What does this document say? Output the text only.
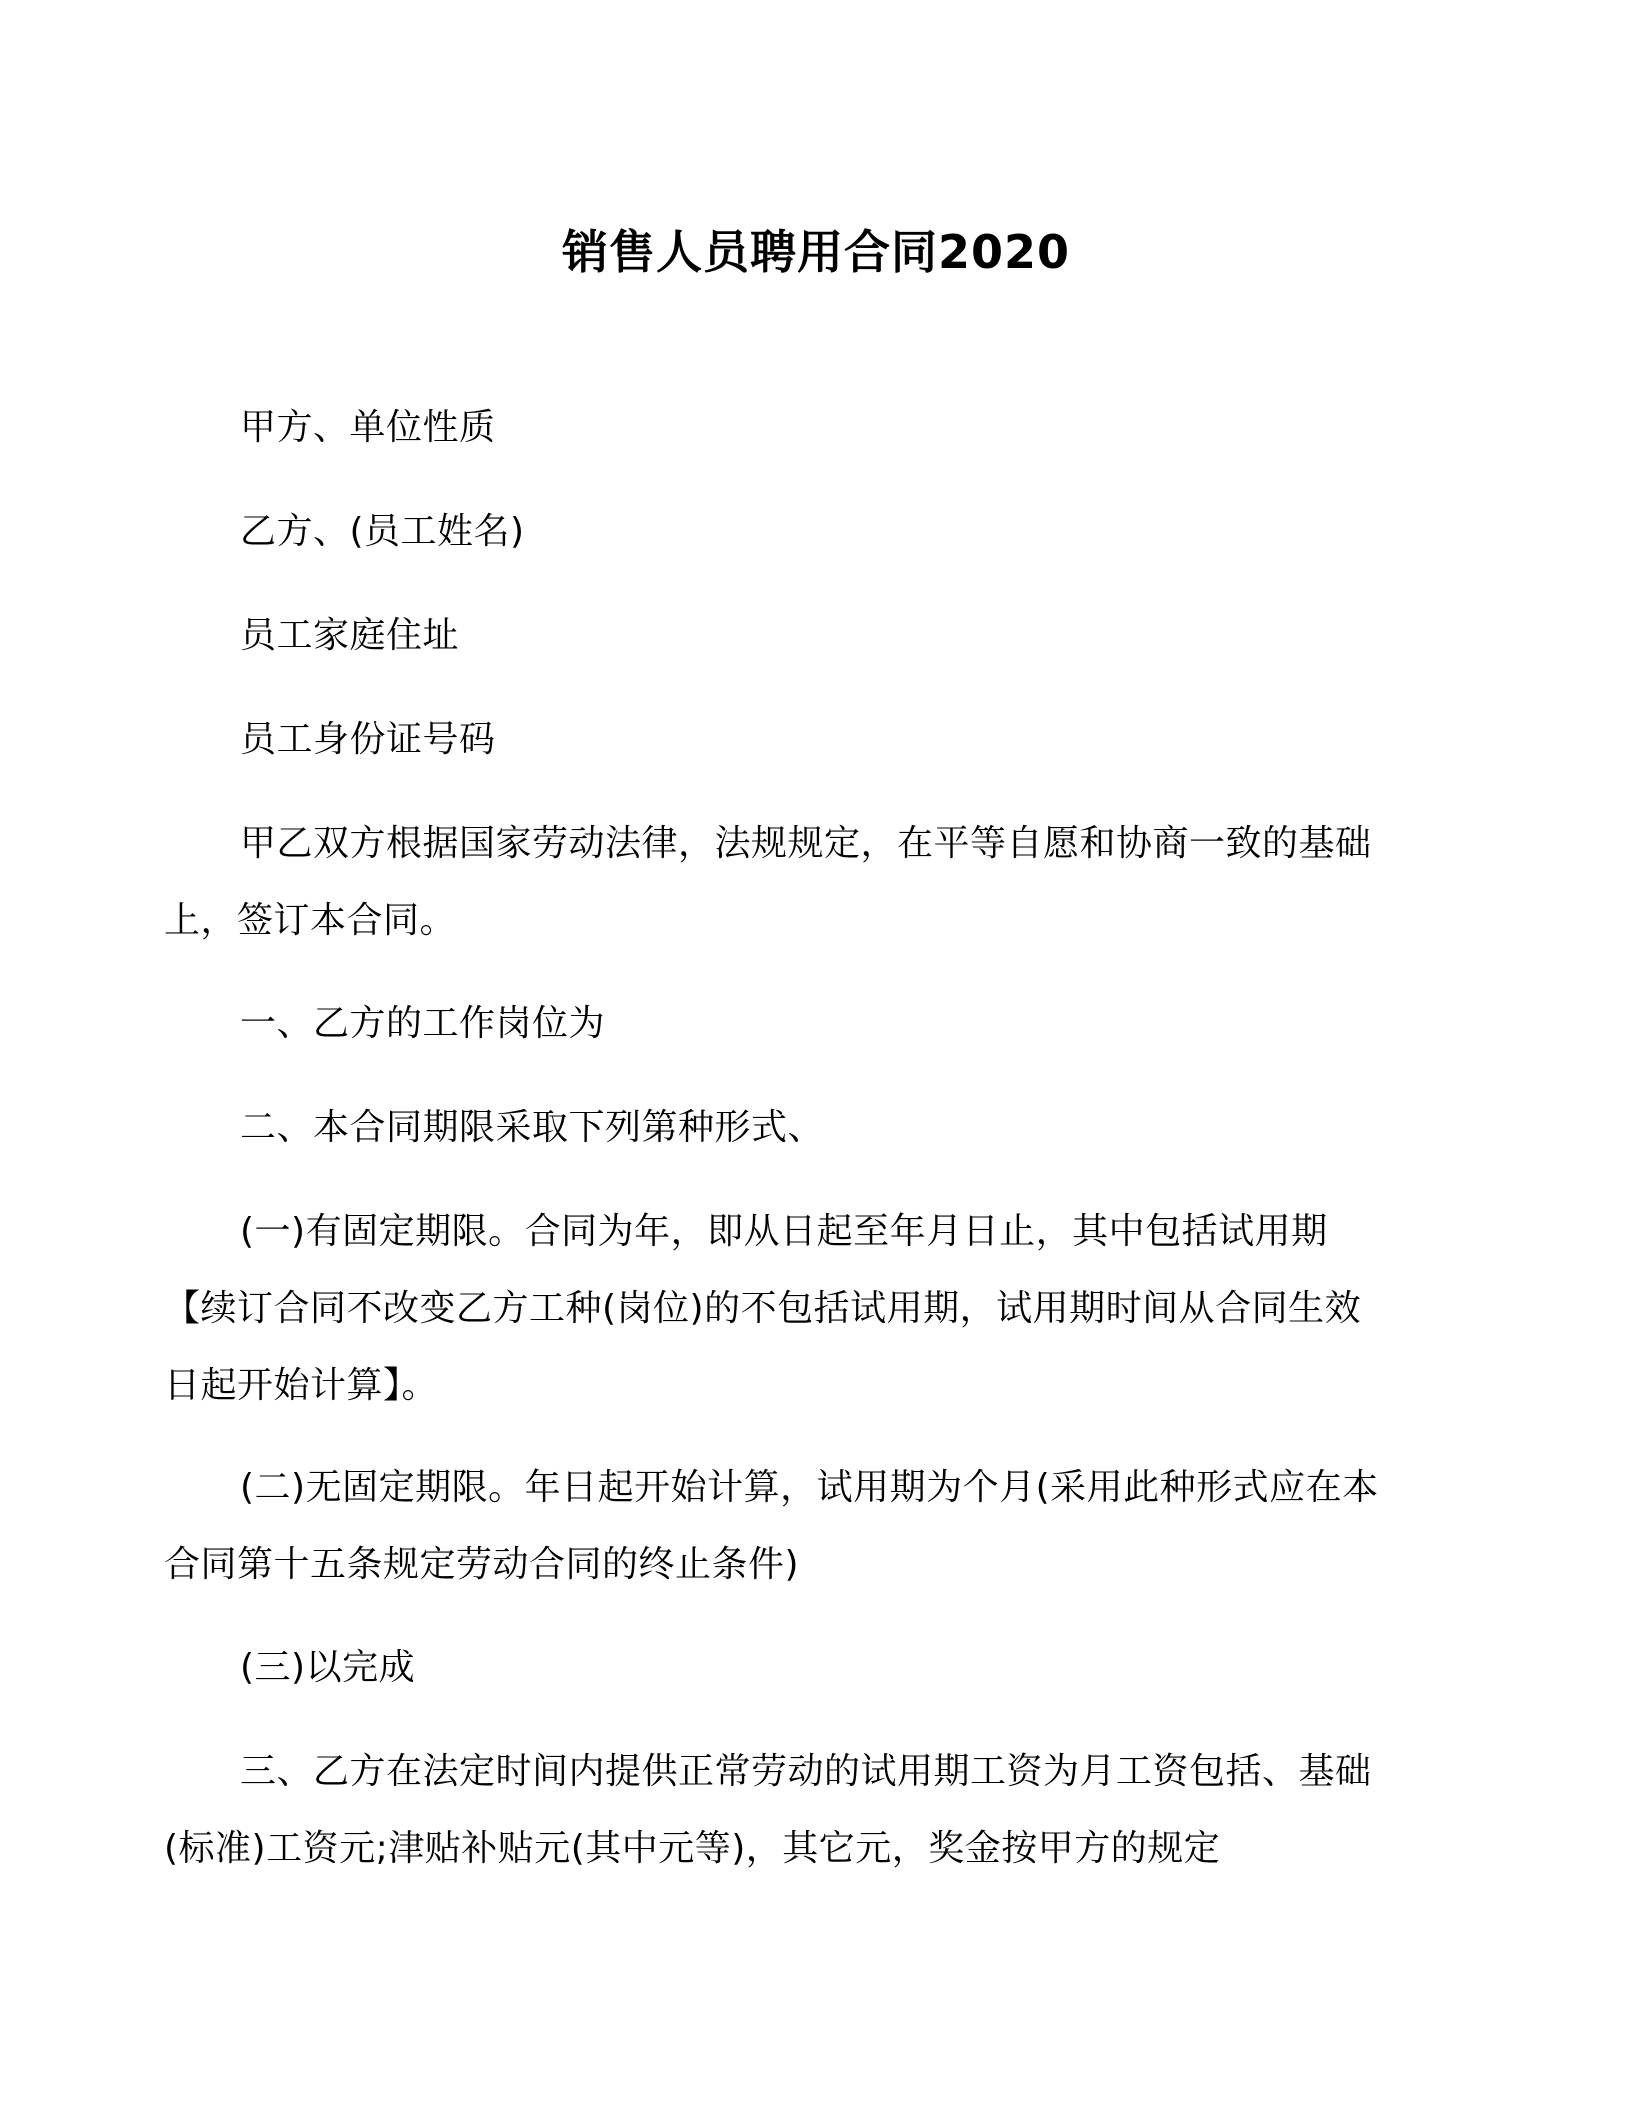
销售人员聘用合同2020

甲方、单位性质

乙方、(员工姓名)

员工家庭住址

员工身份证号码

甲乙双方根据国家劳动法律，法规规定，在平等自愿和协商一致的基础上，签订本合同。

一、乙方的工作岗位为

二、本合同期限采取下列第种形式、

(一)有固定期限。合同为年，即从日起至年月日止，其中包括试用期【续订合同不改变乙方工种(岗位)的不包括试用期，试用期时间从合同生效日起开始计算】。

(二)无固定期限。年日起开始计算，试用期为个月(采用此种形式应在本合同第十五条规定劳动合同的终止条件)

(三)以完成

三、乙方在法定时间内提供正常劳动的试用期工资为月工资包括、基础(标准)工资元;津贴补贴元(其中元等)，其它元，奖金按甲方的规定
